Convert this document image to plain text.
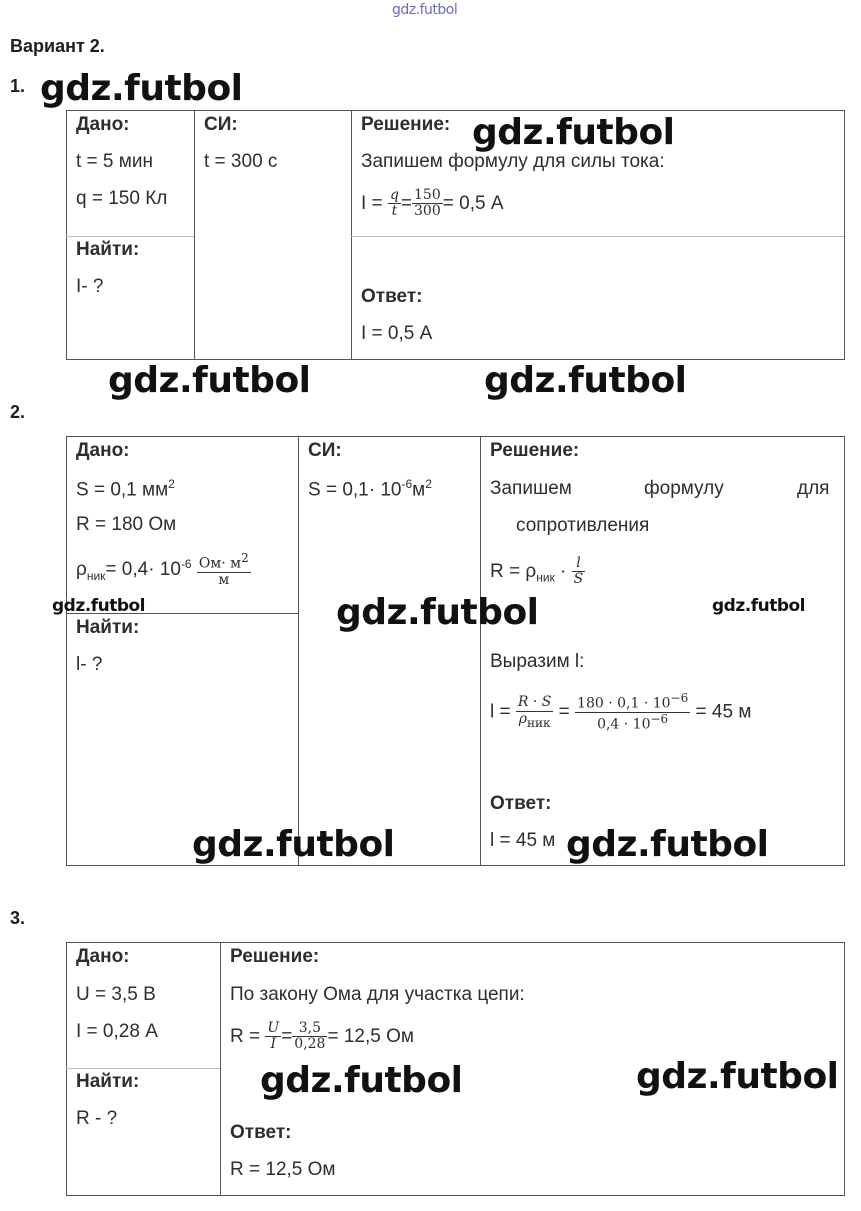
gdz.futbol
Вариант 2.
1.
Дано:
t = 5 мин
q = 150 Кл
СИ:
t = 300 с
Найти:
I- ?
Решение:
Запишем формулу для силы тока:
$I = \frac{q}{t} = \frac{150}{300} = 0,5$ А
Ответ:
I = 0,5 А
2.
Дано:
S = 0,1 $мм^2$
R = 180 Ом
$\rho_{ник}= 0,4\cdot 10^{-6} \frac{Ом\cdot м^2}{м}$
Найти:
l- ?
СИ:
$S = 0,1\cdot 10^{-6}м^2$
Решение:
Запишем	формулу	для
сопротивления
$R = \rho_{ник} \cdot \frac{l}{S}$
Выразим l:
$l = \frac{R \cdot S}{\rho_{ник}} = \frac{180 \cdot 0,1 \cdot 10^{-6}}{0,4 \cdot 10^{-6}} = 45$ м
Ответ:
l = 45 м
3.
Дано:
U = 3,5 В
I = 0,28 А
Найти:
R - ?
Решение:
По закону Ома для участка цепи:
$R = \frac{U}{I} = \frac{3,5}{0,28} = 12,5$ Ом
Ответ:
R = 12,5 Ом
gdz.futbol
gdz.futbol
gdz.futbol	gdz.futbol
gdz.futbol	gdz.futbol	gdz.futbol
gdz.futbol	gdz.futbol
gdz.futbol	gdz.futbol
